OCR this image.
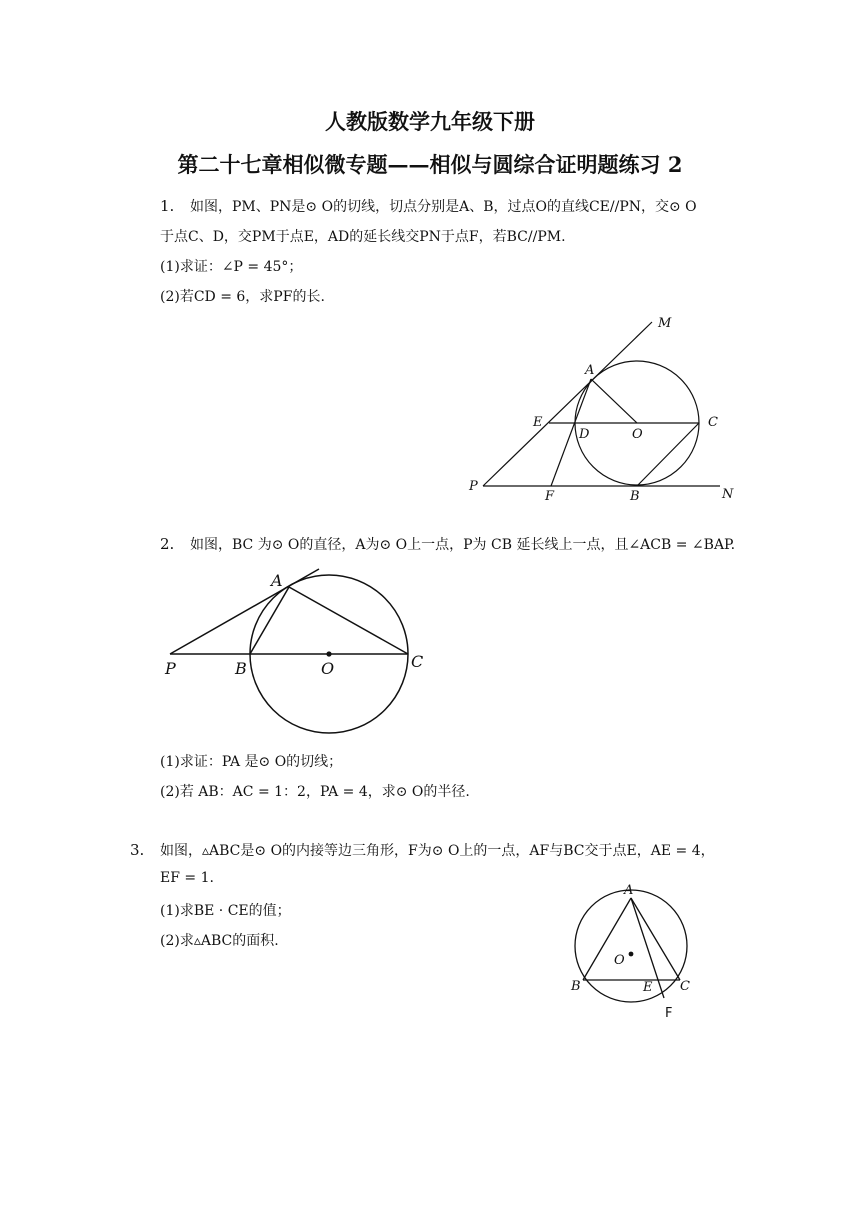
人教版数学九年级下册
第二十七章相似微专题——相似与圆综合证明题练习 2
1. 如图，PM、PN是⊙ O的切线，切点分别是A、B，过点O的直线CE//PN，交⊙ O
于点C、D，交PM于点E，AD的延长线交PN于点F，若BC//PM.
(1)求证：∠P = 45°；
(2)若CD = 6，求PF的长.
M
A
E
D	O
C
P
F	B	N
2. 如图，BC 为⊙ O的直径，A为⊙ O上一点，P为 CB 延长线上一点，且∠ACB = ∠BAP.
A
P	B	O	C
(1)求证：PA 是⊙ O的切线；
(2)若 AB：AC = 1：2，PA = 4，求⊙ O的半径.
3. 如图，▵ABC是⊙ O的内接等边三角形，F为⊙ O上的一点，AF与BC交于点E，AE = 4，
EF = 1.
(1)求BE · CE的值；
(2)求▵ABC的面积.
A
O
B	E C
F
